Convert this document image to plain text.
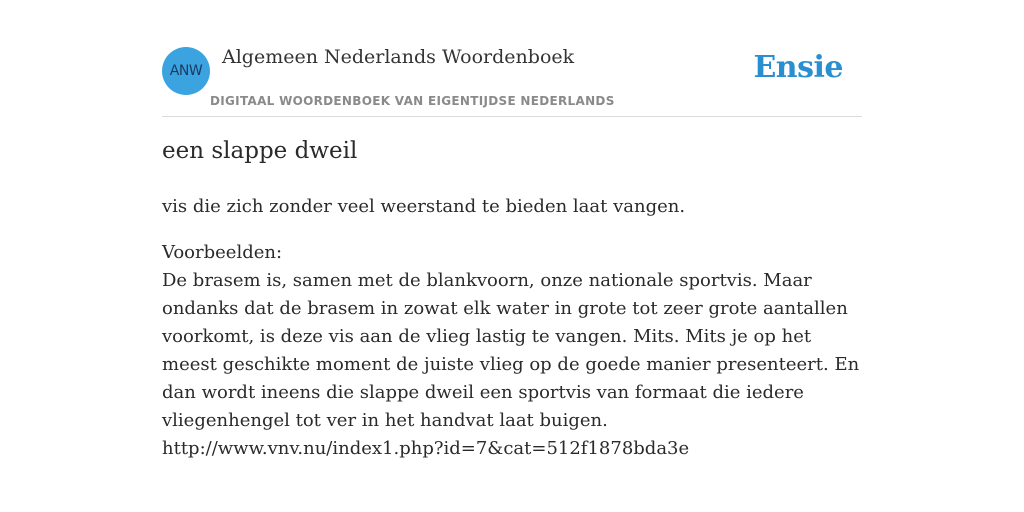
ANW
Algemeen Nederlands Woordenboek
DIGITAAL WOORDENBOEK VAN EIGENTIJDSE NEDERLANDS
Ensie
een slappe dweil

vis die zich zonder veel weerstand te bieden laat vangen.

Voorbeelden:
De brasem is, samen met de blankvoorn, onze nationale sportvis. Maar ondanks dat de brasem in zowat elk water in grote tot zeer grote aantallen voorkomt, is deze vis aan de vlieg lastig te vangen. Mits. Mits je op het meest geschikte moment de juiste vlieg op de goede manier presenteert. En dan wordt ineens die slappe dweil een sportvis van formaat die iedere vliegenhengel tot ver in het handvat laat buigen.
http://www.vnv.nu/index1.php?id=7&cat=512f1878bda3e
